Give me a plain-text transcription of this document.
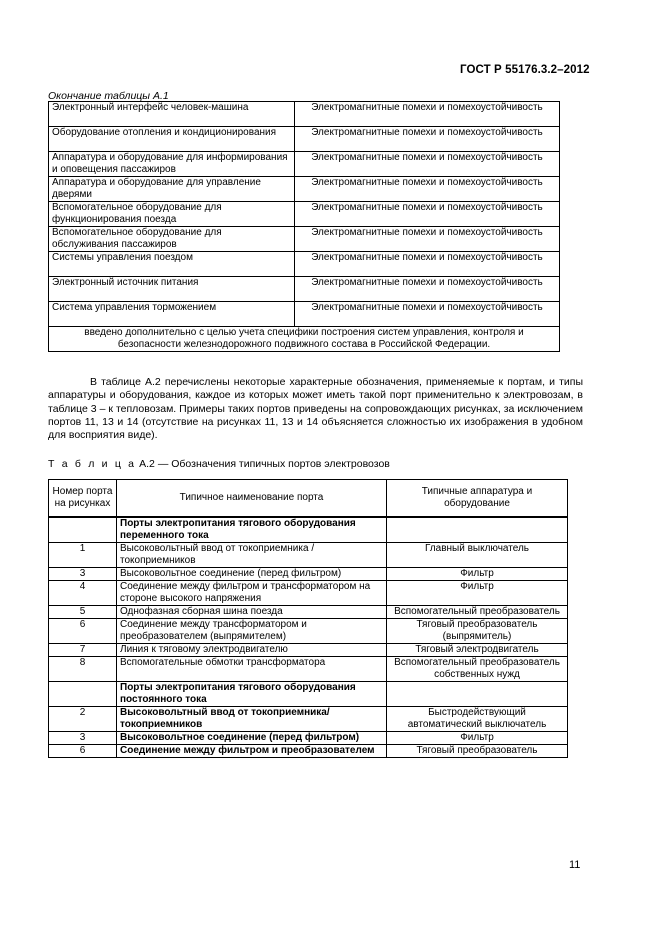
ГОСТ Р 55176.3.2–2012
Окончание таблицы А.1
Электронный интерфейс человек-машина	Электромагнитные помехи и помехоустойчивость
Оборудование отопления и кондиционирования	Электромагнитные помехи и помехоустойчивость
Аппаратура и оборудование для информирования и оповещения пассажиров	Электромагнитные помехи и помехоустойчивость
Аппаратура и оборудование для управление дверями	Электромагнитные помехи и помехоустойчивость
Вспомогательное оборудование для функционирования поезда	Электромагнитные помехи и помехоустойчивость
Вспомогательное оборудование для обслуживания пассажиров	Электромагнитные помехи и помехоустойчивость
Системы управления поездом	Электромагнитные помехи и помехоустойчивость
Электронный источник питания	Электромагнитные помехи и помехоустойчивость
Система управления торможением	Электромагнитные помехи и помехоустойчивость
введено дополнительно с целью учета специфики построения систем управления, контроля и безопасности железнодорожного подвижного состава в Российской Федерации.	

В таблице А.2 перечислены некоторые характерные обозначения, применяемые к портам, и типы аппаратуры и оборудования, каждое из которых может иметь такой порт применительно к электровозам, в таблице 3 – к тепловозам. Примеры таких портов приведены на сопровождающих рисунках, за исключением портов 11, 13 и 14 (отсутствие на рисунках 11, 13 и 14 объясняется сложностью их изображения в удобном для восприятия виде).

Т а б л и ц а А.2 — Обозначения типичных портов электровозов
Номер порта на рисунках	Типичное наименование порта	Типичные аппаратура и оборудование
	Порты электропитания тягового оборудования переменного тока	
1	Высоковольтный ввод от токоприемника /токоприемников	Главный выключатель
3	Высоковольтное соединение (перед фильтром)	Фильтр
4	Соединение между фильтром и трансформатором на стороне высокого напряжения	Фильтр
5	Однофазная сборная шина поезда	Вспомогательный преобразователь
6	Соединение между трансформатором и преобразователем (выпрямителем)	Тяговый преобразователь (выпрямитель)
7	Линия к тяговому электродвигателю	Тяговый электродвигатель
8	Вспомогательные обмотки трансформатора	Вспомогательный преобразователь собственных нужд
	Порты электропитания тягового оборудования постоянного тока	
2	Высоковольтный ввод от токоприемника/токоприемников	Быстродействующий автоматический выключатель
3	Высоковольтное соединение (перед фильтром)	Фильтр
6	Соединение между фильтром и преобразователем	Тяговый преобразователь
11
